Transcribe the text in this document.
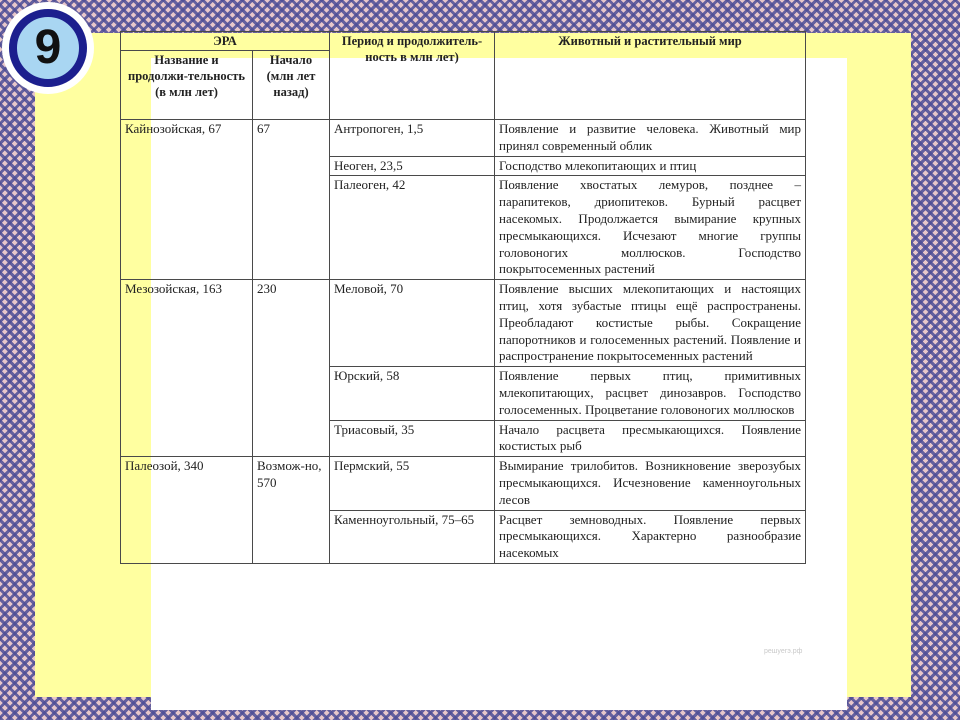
9	ЭРА		Период и продолжитель-ность в млн лет)	Животный и растительный мир
Название и продолжи-тельность (в млн лет)	Начало (млн лет назад)		
Кайнозойская, 67	67	Антропоген, 1,5	Появление и развитие человека. Животный мир принял современный облик
		Неоген, 23,5	Господство млекопитающих и птиц
		Палеоген, 42	Появление хвостатых лемуров, позднее – парапитеков, дриопитеков. Бурный расцвет насекомых. Продолжается вымирание крупных пресмыкающихся. Исчезают многие группы головоногих моллюсков. Господство покрытосеменных растений
Мезозойская, 163	230	Меловой, 70	Появление высших млекопитающих и настоящих птиц, хотя зубастые птицы ещё распространены. Преобладают костистые рыбы. Сокращение папоротников и голосеменных растений. Появление и распространение покрытосеменных растений
		Юрский, 58	Появление первых птиц, примитивных млекопитающих, расцвет динозавров. Господство голосеменных. Процветание головоногих моллюсков
		Триасовый, 35	Начало расцвета пресмыкающихся. Появление костистых рыб
Палеозой, 340	Возмож-но, 570	Пермский, 55	Вымирание трилобитов. Возникновение зверозубых пресмыкающихся. Исчезновение каменноугольных лесов
		Каменноугольный, 75–65	Расцвет земноводных. Появление первых пресмыкающихся. Характерно разнообразие насекомых
решуегэ.рф
